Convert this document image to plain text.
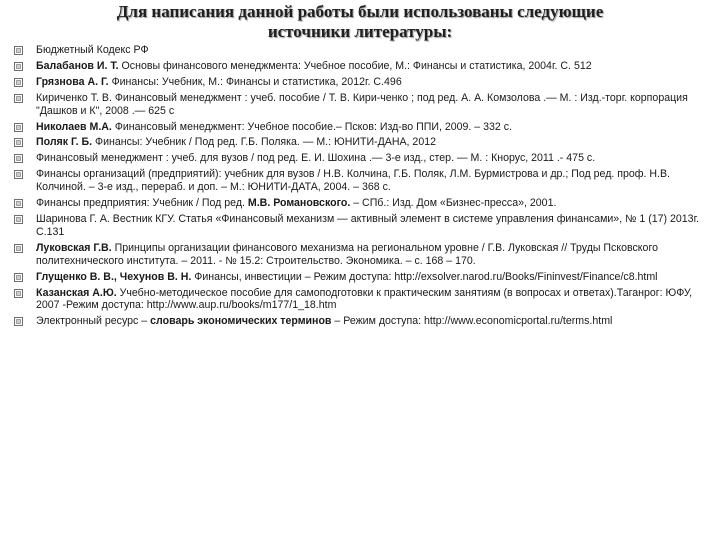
Для написания данной работы были использованы следующие
источники литературы:
Бюджетный Кодекс РФ
Балабанов И. Т. Основы финансового менеджмента: Учебное пособие, М.: Финансы и статистика, 2004г. С. 512
Грязнова А. Г. Финансы: Учебник, М.: Финансы и статистика, 2012г. С.496
Кириченко Т. В. Финансовый менеджмент : учеб. пособие / Т. В. Кири-ченко ; под ред. А. А. Комзолова .— М. : Изд.-торг. корпорация "Дашков и К", 2008 .— 625 с
Николаев М.А. Финансовый менеджмент: Учебное пособие.– Псков: Изд-во ППИ, 2009. – 332 с.
Поляк Г. Б. Финансы: Учебник / Под ред. Г.Б. Поляка. — М.: ЮНИТИ-ДАНА, 2012
Финансовый менеджмент : учеб. для вузов / под ред. Е. И. Шохина .— 3-е изд., стер. — М. : Кнорус, 2011 .- 475 с.
Финансы организаций (предприятий): учебник для вузов / Н.В. Колчина, Г.Б. Поляк, Л.М. Бурмистрова и др.; Под ред. проф. Н.В. Колчиной. – 3-е изд., перераб. и доп. – М.: ЮНИТИ-ДАТА, 2004. – 368 с.
Финансы предприятия: Учебник / Под ред. М.В. Романовского. – СПб.: Изд. Дом «Бизнес-пресса», 2001.
Шаринова Г. А. Вестник КГУ. Статья «Финансовый механизм — активный элемент в системе управления финансами», № 1 (17) 2013г. С.131
Луковская Г.В. Принципы организации финансового механизма на региональном уровне / Г.В. Луковская // Труды Псковского политехнического института. – 2011. - № 15.2: Строительство. Экономика. – с. 168 – 170.
Глущенко В. В., Чехунов В. Н. Финансы, инвестиции – Режим доступа: http://exsolver.narod.ru/Books/Fininvest/Finance/c8.html
Казанская А.Ю. Учебно-методическое пособие для самоподготовки к практическим занятиям (в вопросах и ответах).Таганрог: ЮФУ, 2007 -Режим доступа: http://www.aup.ru/books/m177/1_18.htm
Электронный ресурс – словарь экономических терминов – Режим доступа: http://www.economicportal.ru/terms.html
